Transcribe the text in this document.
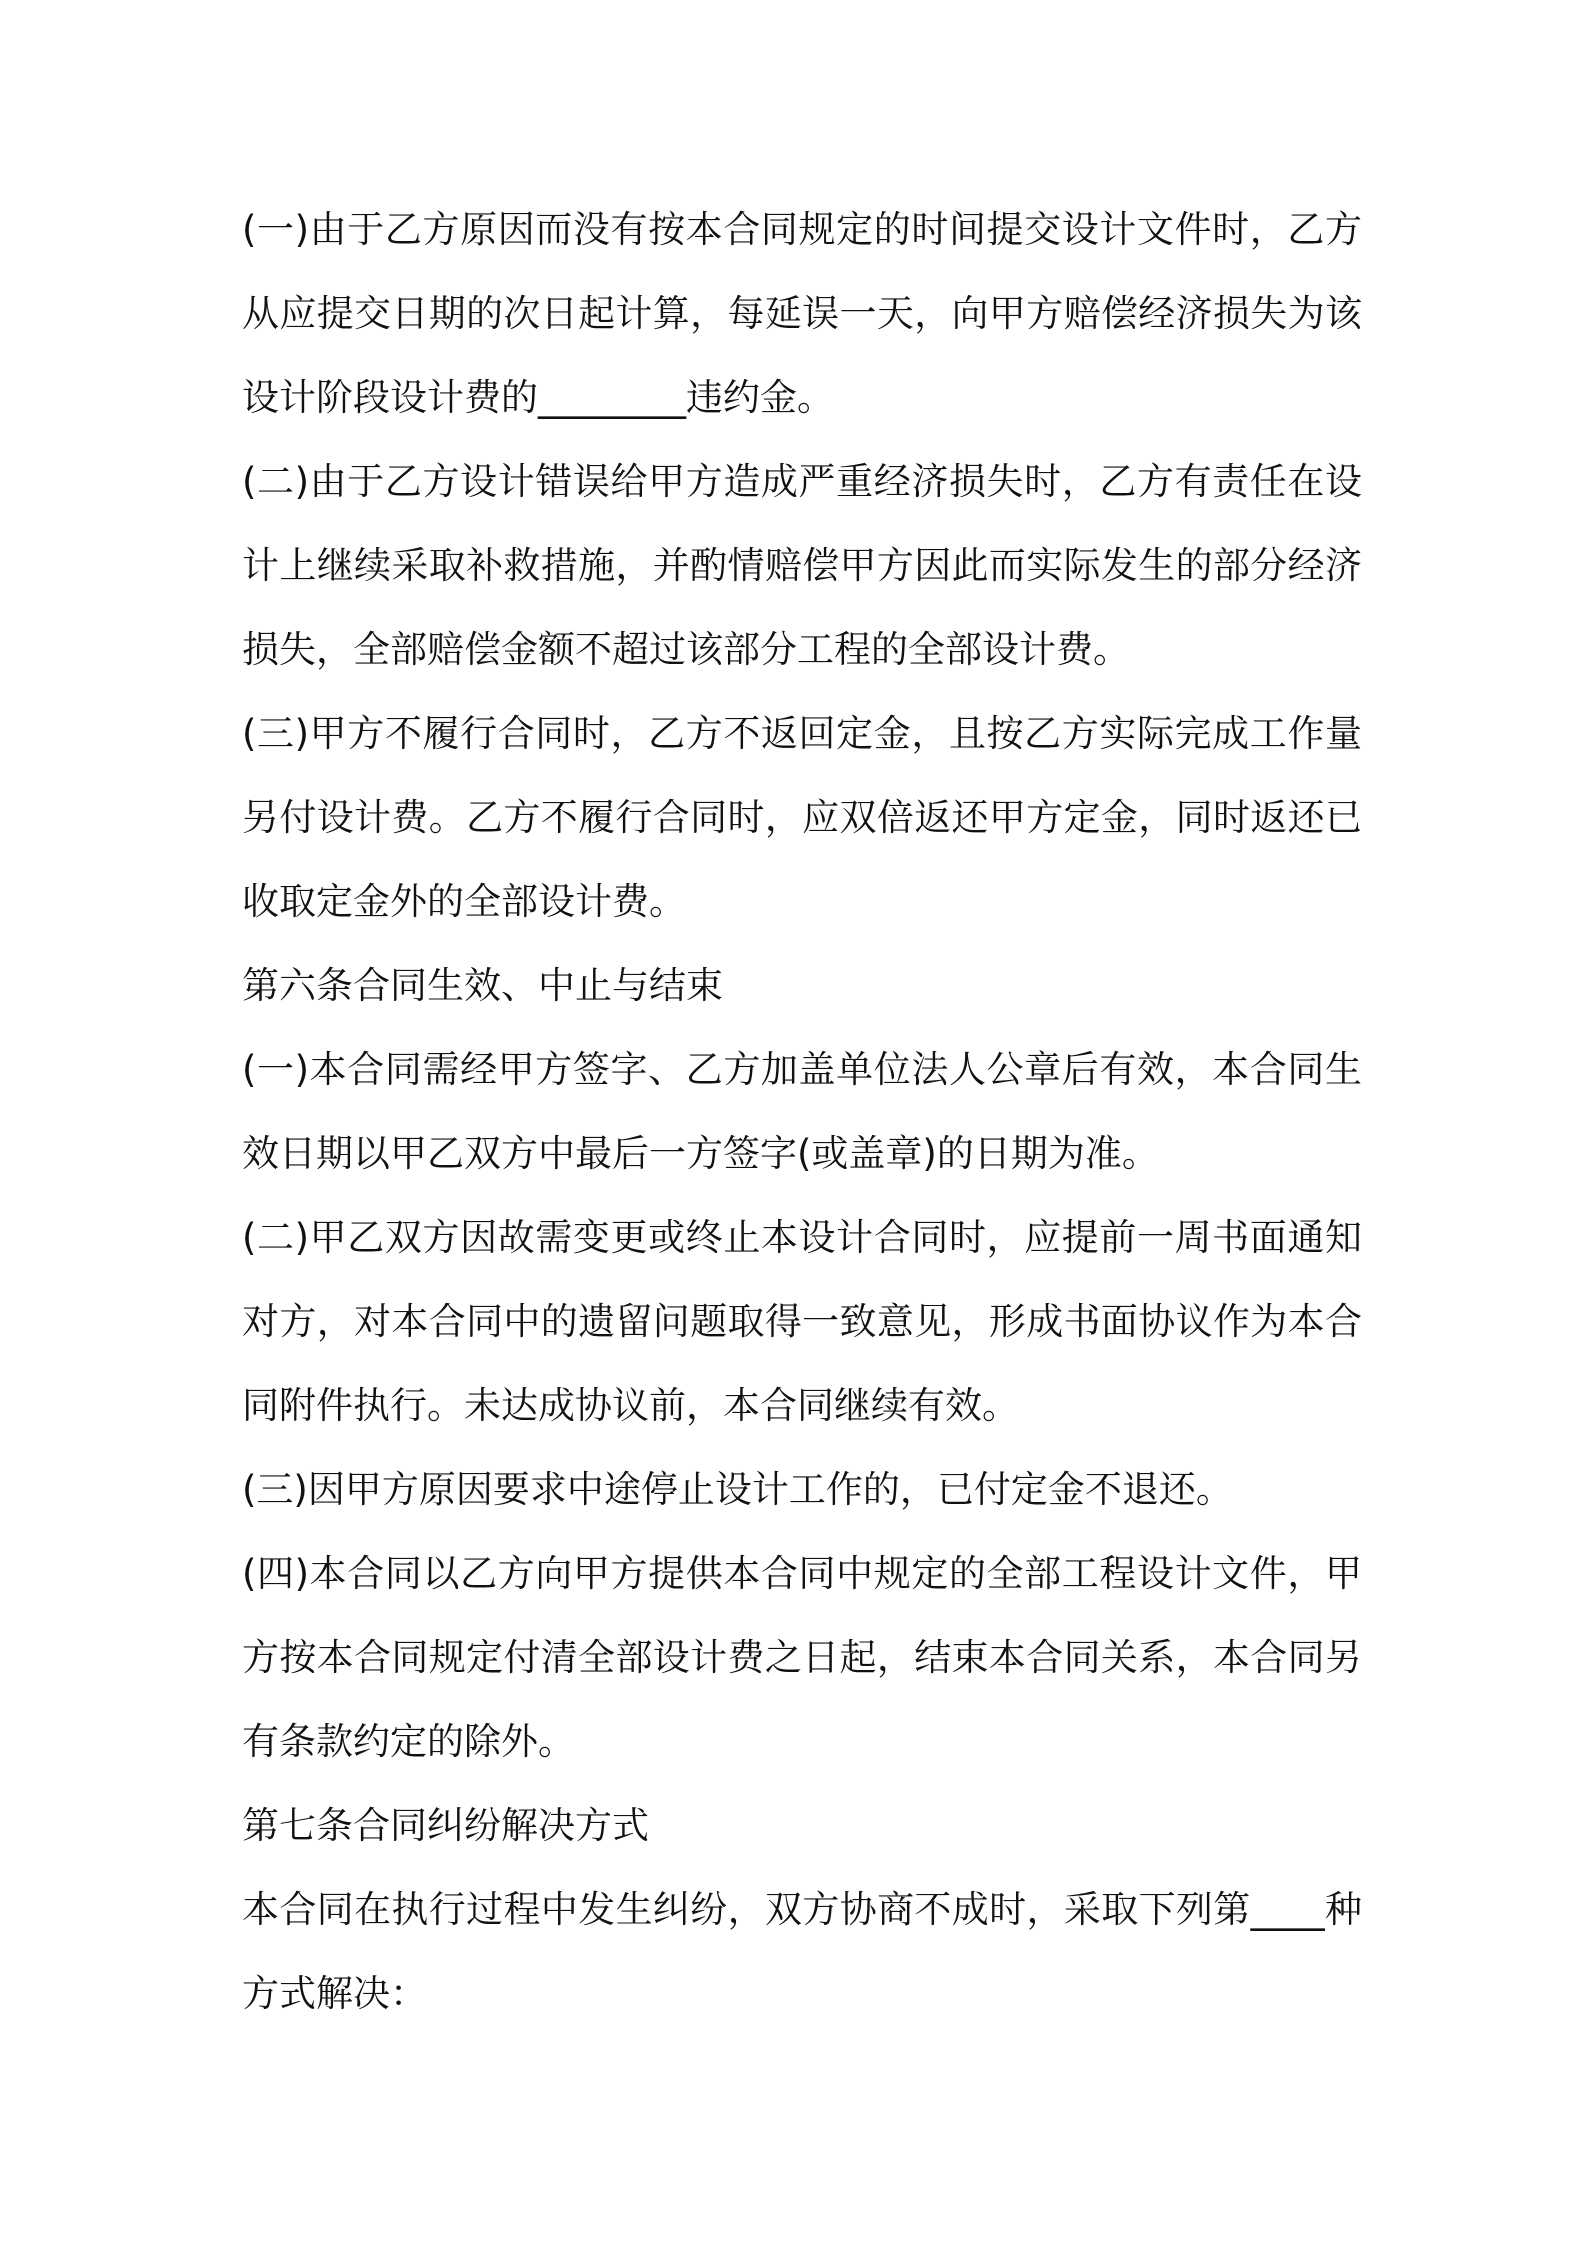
(一)由于乙方原因而没有按本合同规定的时间提交设计文件时，乙方从应提交日期的次日起计算，每延误一天，向甲方赔偿经济损失为该设计阶段设计费的________违约金。

(二)由于乙方设计错误给甲方造成严重经济损失时，乙方有责任在设计上继续采取补救措施，并酌情赔偿甲方因此而实际发生的部分经济损失，全部赔偿金额不超过该部分工程的全部设计费。

(三)甲方不履行合同时，乙方不返回定金，且按乙方实际完成工作量另付设计费。乙方不履行合同时，应双倍返还甲方定金，同时返还已收取定金外的全部设计费。

第六条合同生效、中止与结束

(一)本合同需经甲方签字、乙方加盖单位法人公章后有效，本合同生效日期以甲乙双方中最后一方签字(或盖章)的日期为准。

(二)甲乙双方因故需变更或终止本设计合同时，应提前一周书面通知对方，对本合同中的遗留问题取得一致意见，形成书面协议作为本合同附件执行。未达成协议前，本合同继续有效。

(三)因甲方原因要求中途停止设计工作的，已付定金不退还。

(四)本合同以乙方向甲方提供本合同中规定的全部工程设计文件，甲方按本合同规定付清全部设计费之日起，结束本合同关系，本合同另有条款约定的除外。

第七条合同纠纷解决方式

本合同在执行过程中发生纠纷，双方协商不成时，采取下列第____种方式解决：
